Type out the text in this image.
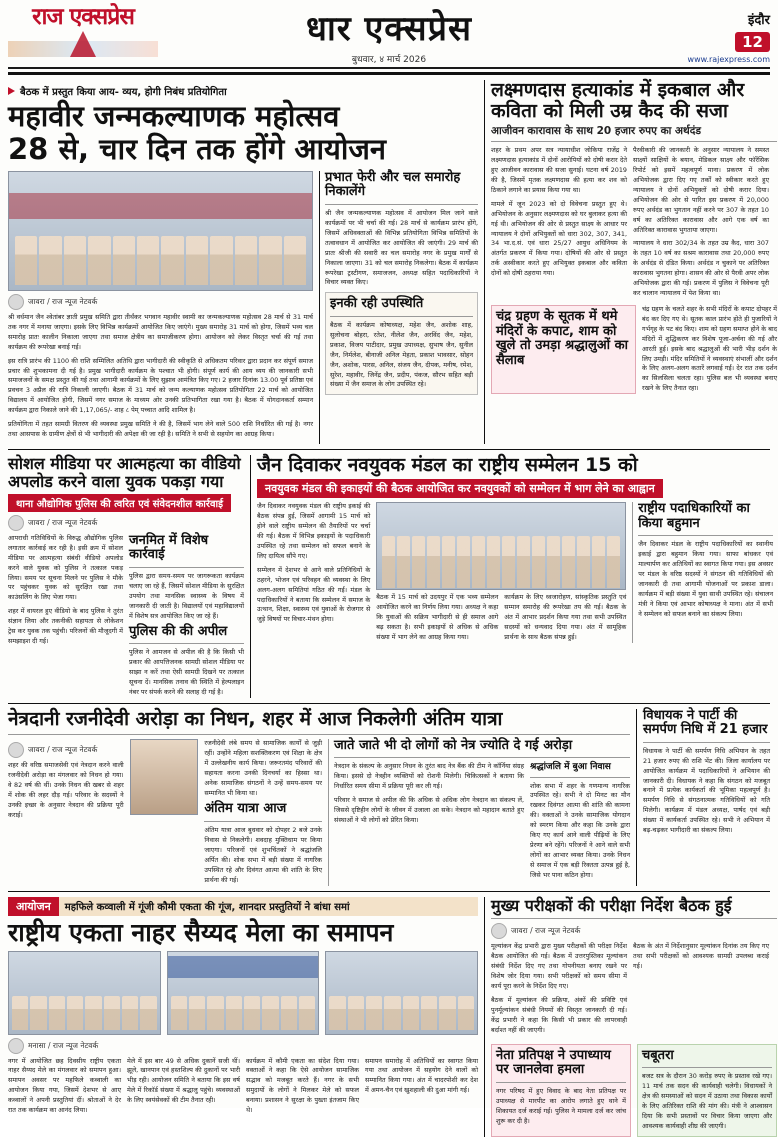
राज एक्सप्रेस	धार एक्सप्रेस
बुधवार, ४ मार्च 2026
इंदौर
12
www.rajexpress.com
बैठक में प्रस्तुत किया आय- व्यय, होगी निबंध प्रतियोगिता
महावीर जन्मकल्याणक महोत्सव
28 से, चार दिन तक होंगे आयोजन
जावरा / राज न्यूज नेटवर्क

श्री वर्धमान जैन श्वेतांबर ज्ञाती प्रमुख समिति द्वारा तीर्थंकर भगवान महावीर स्वामी का जन्मकल्याणक महोत्सव 28 मार्च से 31 मार्च तक नगर में मनाया जाएगा। इसके लिए विभिन्न कार्यक्रमों आयोजित किए जाएंगे। मुख्य समारोह 31 मार्च को होगा, जिसमें भव्य चल समारोह प्रातः कालीन निकाला जाएगा तथा समाज क्षेत्रीय का समाजीकरण होगा। आयोजन को लेकर विस्तृत चर्चा की गई तथा कार्यक्रम की रूपरेखा बनाई गई।

इस रात्रि प्रारंभ की 1100 की राशि सम्मिलित अतिथि द्वारा भागीदारी की स्वीकृति से अधिकतम परिवार द्वारा प्रदान कर संपूर्ण समाज प्रचार की शुभकामना दी गई है। प्रमुख भागीदारी कार्यक्रम के पश्चात भी होगी। संपूर्ण कार्य की आय व्यय की जानकारी सभी समाजजनों के समक्ष प्रस्तुत की गई तथा आगामी कार्यक्रमों के लिए सुझाव आमंत्रित किए गए। 2 हजार दिनांक 13.00 पूर्व प्रतिष्ठा एवं प्रवचन 3 अप्रैल की रात्रि निकाली जाएगी। बैठक में 31 मार्च को जन्म कल्याणक महोत्सव प्रतियोगिता 22 मार्च को आयोजित विद्यालय में आयोजित होगी, जिसमें नगर समाज के माध्यम ओर उनकी प्रतिभागिता रखा गया है। बैठक में योगदानकर्ता सम्मान कार्यक्रम द्वारा निकाले जाने की 1,17,065/- शाह ८ पेम् पच्चात आदि शामिल है।

प्रतियोगिता में तहत सामग्री वितरण की व्यवस्था प्रमुख समिति ने की है, जिसमें भाग लेने वाले 500 राशि निर्धारित की गई है। नगर तथा आसपास के ग्रामीण क्षेत्रों से भी भागीदारी की अपेक्षा की जा रही है। समिति ने सभी से सहयोग का आग्रह किया।

प्रभात फेरी और चल समारोह निकालेंगे
श्री जैन जन्मकल्याणक महोत्सव में आयोजन मिल जाने वाले कार्यक्रमों पर भी चर्चा की गई। 28 मार्च से कार्यक्रम प्रारंभ होंगे, जिसमें अधिवक्ताओं की विभिन्न प्रतियोगिता विभिन्न समितियों के तत्वावधान में आयोजित कर आयोजित की जाएंगी। 29 मार्च की प्रातः श्रीजी की सवारी का चल समारोह नगर के प्रमुख मार्गों से निकाला जाएगा। 31 को चल समारोह निकलेगा। बैठक में कार्यक्रम रूपरेखा ट्रस्टीगण, समाजजन, अध्यक्ष सहित पदाधिकारियों ने विचार व्यक्त किए।
इनकी रही उपस्थिति
बैठक में कार्यक्रम कोषाध्यक्ष, महेश जैन, अशोक शाह, सुलोचना बोहरा, रतेश, नीलेश जैन, अरविंद जैन, महेश, प्रकाश, विजय पाटीदार, प्रमुख उपाध्यक्ष, सुभाष जैन, सुनील जैन, निर्मलेश, बीनाजी अनिल मेहता, प्रकाश भावसार, सोहन जैन, अशोक, पारस, अनिल, संजय जैन, दीपक, मनीष, रमेश, सुरेश, महावीर, जिनेंद्र जैन, प्रदीप, पंकज, सौरभ सहित बड़ी संख्या में जैन समाज के लोग उपस्थित रहे।
लक्ष्मणदास हत्याकांड में इकबाल और कविता को मिली उम्र कैद की सजा
आजीवन कारावास के साथ 20 हजार रुपए का अर्थदंड

शहर के प्रथम अपर सत्र न्यायाधीश जोकिया राजेंद्र ने लक्ष्मणदास हत्याकांड में दोनों आरोपियों को दोषी करार देते हुए आजीवन कारावास की सजा सुनाई। घटना वर्ष 2019 की है, जिसमें मृतक लक्ष्मणदास की हत्या कर शव को ठिकाने लगाने का प्रयास किया गया था।

मामले में जून 2023 को दो विवेचना प्रस्तुत हुए थे। अभियोजन के अनुसार लक्ष्मणदास को घर बुलाकर हत्या की गई थी। अभियोजन की ओर से प्रस्तुत साक्ष्य के आधार पर न्यायालय ने दोनों अभियुक्तों को धारा 302, 307, 341, 34 भा.द.सं. एवं धारा 25/27 आयुध अधिनियम के अंतर्गत प्रकरण में किया गया। दोषियों की ओर से प्रस्तुत तर्क अस्वीकार करते हुए अभियुक्त इकबाल और कविता दोनों को दोषी ठहराया गया।

पैरवीकारी की जानकारी के अनुसार न्यायालय ने समस्त साक्ष्यों साक्षियों के बयान, मेडिकल साक्ष्य और फॉरेंसिक रिपोर्ट को इसमें महत्वपूर्ण माना। प्रकरण में लोक अभियोजक द्वारा दिए गए तर्कों को स्वीकार करते हुए न्यायालय ने दोनों अभियुक्तों को दोषी करार दिया। अभियोजन की ओर से पारित इस प्रकरण में 20,000 रुपए अर्थदंड का भुगतान नहीं करने पर 307 के तहत 10 वर्ष का अतिरिक्त कारावास और आगे एक वर्ष का अतिरिक्त कारावास भुगताया जाएगा।

न्यायालय ने धारा 302/34 के तहत उम्र कैद, धारा 307 के तहत 10 वर्ष का सश्रम कारावास तथा 20,000 रुपए के अर्थदंड से दंडित किया। अर्थदंड न चुकाने पर अतिरिक्त कारावास भुगतना होगा। शासन की ओर से पैरवी अपर लोक अभियोजक द्वारा की गई। प्रकरण में पुलिस ने विवेचना पूरी कर चालान न्यायालय में पेश किया था।

चंद्र ग्रहण के सूतक में थमे मंदिरों के कपाट, शाम को खुले तो उमड़ा श्रद्धालुओं का सैलाब
चंद्र ग्रहण के चलते शहर के सभी मंदिरों के कपाट दोपहर में बंद कर दिए गए थे। सूतक काल प्रारंभ होते ही पुजारियों ने गर्भगृह के पट बंद किए। शाम को ग्रहण समाप्त होने के बाद मंदिरों में शुद्धिकरण कर विशेष पूजा-अर्चना की गई और आरती हुई। इसके बाद श्रद्धालुओं की भारी भीड़ दर्शन के लिए उमड़ी। मंदिर समितियों ने व्यवस्थाएं संभालीं और दर्शन के लिए अलग-अलग कतारें लगवाई गईं। देर रात तक दर्शन का सिलसिला चलता रहा। पुलिस बल भी व्यवस्था बनाए रखने के लिए तैनात रहा।
सोशल मीडिया पर आत्महत्या का वीडियो अपलोड करने वाला युवक पकड़ा गया
थाना औद्योगिक पुलिस की त्वरित एवं संवेदनशील कार्रवाई
जावरा / राज न्यूज नेटवर्क

आपराधी गतिविधियों के विरुद्ध औद्योगिक पुलिस लगातार कार्रवाई कर रही है। इसी क्रम में सोशल मीडिया पर आत्महत्या संबंधी वीडियो अपलोड करने वाले युवक को पुलिस ने तत्काल पकड़ लिया। समय पर सूचना मिलने पर पुलिस ने मौके पर पहुंचकर युवक को सुरक्षित रखा तथा काउंसलिंग के लिए भेजा गया।

शहर में वायरल हुए वीडियो के बाद पुलिस ने तुरंत संज्ञान लिया और तकनीकी सहायता से लोकेशन ट्रेस कर युवक तक पहुंची। परिजनों की मौजूदगी में समझाइश दी गई।

जनमित में विशेष कार्रवाई
पुलिस द्वारा समय-समय पर जागरूकता कार्यक्रम चलाए जा रहे हैं, जिसमें सोशल मीडिया के सुरक्षित उपयोग तथा मानसिक स्वास्थ्य के विषय में जानकारी दी जाती है। विद्यालयों एवं महाविद्यालयों में विशेष सत्र आयोजित किए जा रहे हैं।
पुलिस की की अपील
पुलिस ने आमजन से अपील की है कि किसी भी प्रकार की आपत्तिजनक सामग्री सोशल मीडिया पर साझा न करें तथा ऐसी सामग्री दिखने पर तत्काल सूचना दें। मानसिक तनाव की स्थिति में हेल्पलाइन नंबर पर संपर्क करने की सलाह दी गई है।
जैन दिवाकर नवयुवक मंडल का राष्ट्रीय सम्मेलन 15 को
नवयुवक मंडल की इकाइयों की बैठक आयोजित कर नवयुवकों को सम्मेलन में भाग लेने का आह्वान

जैन दिवाकर नवयुवक मंडल की राष्ट्रीय इकाई की बैठक संपन्न हुई, जिसमें आगामी 15 मार्च को होने वाले राष्ट्रीय सम्मेलन की तैयारियों पर चर्चा की गई। बैठक में विभिन्न इकाइयों के पदाधिकारी उपस्थित रहे तथा सम्मेलन को सफल बनाने के लिए दायित्व सौंपे गए।

सम्मेलन में देशभर से आने वाले प्रतिनिधियों के ठहरने, भोजन एवं परिवहन की व्यवस्था के लिए अलग-अलग समितियां गठित की गईं। मंडल के पदाधिकारियों ने बताया कि सम्मेलन में समाज के उत्थान, शिक्षा, स्वास्थ्य एवं युवाओं के रोजगार से जुड़े विषयों पर विचार-मंथन होगा।

बैठक में 15 मार्च को उदयपुर में एक भव्य सम्मेलन आयोजित करने का निर्णय लिया गया। अध्यक्ष ने कहा कि युवाओं की सक्रिय भागीदारी से ही समाज आगे बढ़ सकता है। सभी इकाइयों से अधिक से अधिक संख्या में भाग लेने का आग्रह किया गया।
कार्यक्रम के लिए ध्वजारोहण, सांस्कृतिक प्रस्तुति एवं सम्मान समारोह की रूपरेखा तय की गई। बैठक के अंत में आभार प्रदर्शन किया गया तथा सभी उपस्थित सदस्यों को धन्यवाद दिया गया। अंत में सामूहिक प्रार्थना के साथ बैठक संपन्न हुई।
राष्ट्रीय पदाधिकारियों का किया बहुमान
जैन दिवाकर मंडल के राष्ट्रीय पदाधिकारियों का स्थानीय इकाई द्वारा बहुमान किया गया। साफा बांधकर एवं माल्यार्पण कर अतिथियों का स्वागत किया गया। इस अवसर पर मंडल के वरिष्ठ सदस्यों ने संगठन की गतिविधियों की जानकारी दी तथा आगामी योजनाओं पर प्रकाश डाला। कार्यक्रम में बड़ी संख्या में युवा साथी उपस्थित रहे। संचालन मंत्री ने किया एवं आभार कोषाध्यक्ष ने माना। अंत में सभी ने सम्मेलन को सफल बनाने का संकल्प लिया।
नेत्रदानी रजनीदेवी अरोड़ा का निधन, शहर में आज निकलेगी अंतिम यात्रा
जावरा / राज न्यूज नेटवर्क
शहर की वरिष्ठ समाजसेवी एवं नेत्रदान करने वाली रजनीदेवी अरोड़ा का मंगलवार को निधन हो गया। वे 82 वर्ष की थीं। उनके निधन की खबर से शहर में शोक की लहर दौड़ गई। परिवार के सदस्यों ने उनकी इच्छा के अनुसार नेत्रदान की प्रक्रिया पूरी कराई।

रजनीदेवी लंबे समय से सामाजिक कार्यों से जुड़ी रहीं। उन्होंने महिला सशक्तिकरण एवं शिक्षा के क्षेत्र में उल्लेखनीय कार्य किया। जरूरतमंद परिवारों की सहायता करना उनकी दिनचर्या का हिस्सा था। अनेक सामाजिक संगठनों ने उन्हें समय-समय पर सम्मानित भी किया था।

अंतिम यात्रा आज
अंतिम यात्रा आज बुधवार को दोपहर 2 बजे उनके निवास से निकलेगी। शवदाह मुक्तिधाम पर किया जाएगा। परिजनों एवं शुभचिंतकों ने श्रद्धांजलि अर्पित की। शोक सभा में बड़ी संख्या में नागरिक उपस्थित रहे और दिवंगत आत्मा की शांति के लिए प्रार्थना की गई।
जाते जाते भी दो लोगों को नेत्र ज्योति दे गई अरोड़ा

नेत्रदान के संकल्प के अनुसार निधन के तुरंत बाद नेत्र बैंक की टीम ने कॉर्निया संग्रह किया। इससे दो नेत्रहीन व्यक्तियों को रोशनी मिलेगी। चिकित्सकों ने बताया कि निर्धारित समय सीमा में प्रक्रिया पूरी कर ली गई।

परिवार ने समाज से अपील की कि अधिक से अधिक लोग नेत्रदान का संकल्प लें, जिससे दृष्टिहीन लोगों के जीवन में उजाला आ सके। नेत्रदान को महादान बताते हुए संस्थाओं ने भी लोगों को प्रेरित किया।

श्रद्धांजलि में बुआ निवास
शोक सभा में शहर के गणमान्य नागरिक उपस्थित रहे। सभी ने दो मिनट का मौन रखकर दिवंगत आत्मा की शांति की कामना की। वक्ताओं ने उनके सामाजिक योगदान को स्मरण किया और कहा कि उनके द्वारा किए गए कार्य आने वाली पीढ़ियों के लिए प्रेरणा बने रहेंगे। परिजनों ने आने वाले सभी लोगों का आभार व्यक्त किया। उनके निधन से समाज में एक बड़ी रिक्तता उत्पन्न हुई है, जिसे भर पाना कठिन होगा।
विधायक ने पार्टी की समर्पण निधि में 21 हजार
विधायक ने पार्टी की समर्पण निधि अभियान के तहत 21 हजार रुपए की राशि भेंट की। जिला कार्यालय पर आयोजित कार्यक्रम में पदाधिकारियों ने अभियान की जानकारी दी। विधायक ने कहा कि संगठन को मजबूत बनाने में प्रत्येक कार्यकर्ता की भूमिका महत्वपूर्ण है। समर्पण निधि से संगठनात्मक गतिविधियों को गति मिलेगी। कार्यक्रम में मंडल अध्यक्ष, पार्षद एवं बड़ी संख्या में कार्यकर्ता उपस्थित रहे। सभी ने अभियान में बढ़-चढ़कर भागीदारी का संकल्प लिया।
आयोजन	महफिले कव्वाली में गूंजी कौमी एकता की गूंज, शानदार प्रस्तुतियों ने बांधा समां
राष्ट्रीय एकता नाहर सैय्यद मेला का समापन
मनासा / राज न्यूज नेटवर्क
नगर में आयोजित छह दिवसीय राष्ट्रीय एकता नाहर सैय्यद मेले का मंगलवार को समापन हुआ। समापन अवसर पर महफिले कव्वाली का आयोजन किया गया, जिसमें देशभर से आए कव्वालों ने अपनी प्रस्तुतियां दीं। श्रोताओं ने देर रात तक कार्यक्रम का आनंद लिया।
मेले में इस बार 49 से अधिक दुकानें सजी थीं। झूले, खानपान एवं हस्तशिल्प की दुकानों पर भारी भीड़ रही। आयोजन समिति ने बताया कि इस वर्ष मेले में रिकॉर्ड संख्या में श्रद्धालु पहुंचे। व्यवस्थाओं के लिए स्वयंसेवकों की टीम तैनात रही।
कार्यक्रम में कौमी एकता का संदेश दिया गया। वक्ताओं ने कहा कि ऐसे आयोजन सामाजिक सद्भाव को मजबूत करते हैं। नगर के सभी समुदायों के लोगों ने मिलकर मेले को सफल बनाया। प्रशासन ने सुरक्षा के पुख्ता इंतजाम किए थे।
समापन समारोह में अतिथियों का स्वागत किया गया तथा आयोजन में सहयोग देने वालों को सम्मानित किया गया। अंत में चादरपोशी कर देश में अमन-चैन एवं खुशहाली की दुआ मांगी गई।
मुख्य परीक्षकों की परीक्षा निर्देश बैठक हुई
जावरा / राज न्यूज नेटवर्क

मूल्यांकन केंद्र प्रभारी द्वारा मुख्य परीक्षकों की परीक्षा निर्देश बैठक आयोजित की गई। बैठक में उत्तरपुस्तिका मूल्यांकन संबंधी निर्देश दिए गए तथा गोपनीयता बनाए रखने पर विशेष जोर दिया गया। सभी परीक्षकों को समय सीमा में कार्य पूरा करने के निर्देश दिए गए।

बैठक में मूल्यांकन की प्रक्रिया, अंकों की प्रविष्टि एवं पुनर्मूल्यांकन संबंधी नियमों की विस्तृत जानकारी दी गई। केंद्र प्रभारी ने कहा कि किसी भी प्रकार की लापरवाही बर्दाश्त नहीं की जाएगी।

बैठक के अंत में निर्देशानुसार मूल्यांकन दिनांक तय किए गए तथा सभी परीक्षकों को आवश्यक सामग्री उपलब्ध कराई गई।

नेता प्रतिपक्ष ने उपाध्याय पर जानलेवा हमला
नगर परिषद में हुए विवाद के बाद नेता प्रतिपक्ष पर उपाध्यक्ष से मारपीट का आरोप लगाते हुए थाने में शिकायत दर्ज कराई गई। पुलिस ने मामला दर्ज कर जांच शुरू कर दी है।
चबूतरा
बजट सत्र के दौरान 30 करोड़ रुपए के प्रस्ताव रखे गए। 11 मार्च तक सदन की कार्यवाही चलेगी। विधायकों ने क्षेत्र की समस्याओं को सदन में उठाया तथा विकास कार्यों के लिए अतिरिक्त राशि की मांग की। मंत्री ने आश्वासन दिया कि सभी प्रस्तावों पर विचार किया जाएगा और आवश्यक कार्यवाही शीघ्र की जाएगी।
